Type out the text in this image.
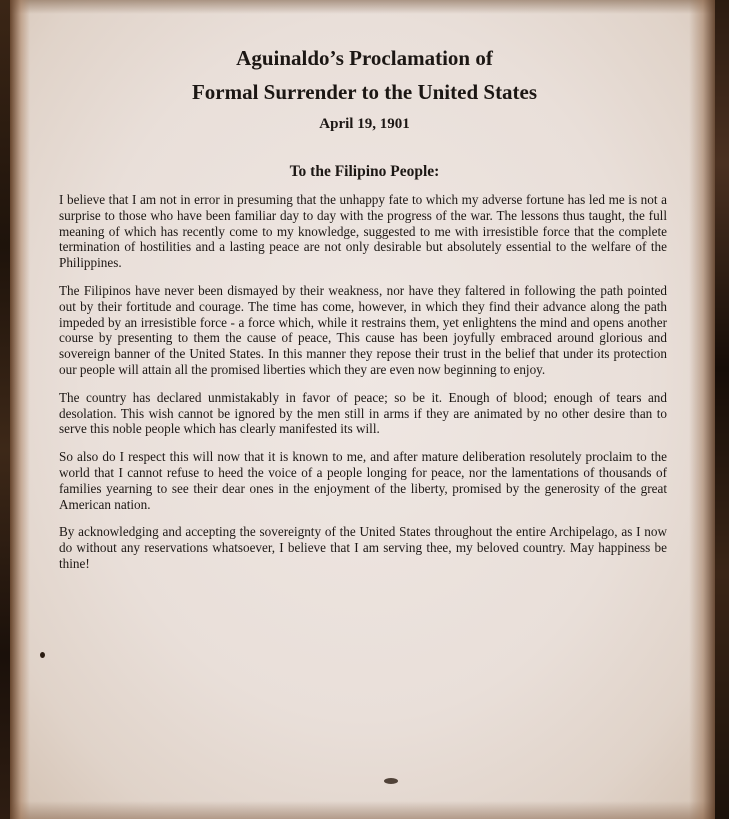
Aguinaldo’s Proclamation of
Formal Surrender to the United States
April 19, 1901
To the Filipino People:

I believe that I am not in error in presuming that the unhappy fate to which my adverse fortune has led me is not a surprise to those who have been familiar day to day with the progress of the war. The lessons thus taught, the full meaning of which has recently come to my knowledge, suggested to me with irresistible force that the complete termination of hostilities and a lasting peace are not only desirable but absolutely essential to the welfare of the Philippines.

The Filipinos have never been dismayed by their weakness, nor have they faltered in following the path pointed out by their fortitude and courage. The time has come, however, in which they find their advance along the path impeded by an irresistible force - a force which, while it restrains them, yet enlightens the mind and opens another course by presenting to them the cause of peace, This cause has been joyfully embraced around glorious and sovereign banner of the United States. In this manner they repose their trust in the belief that under its protection our people will attain all the promised liberties which they are even now beginning to enjoy.

The country has declared unmistakably in favor of peace; so be it. Enough of blood; enough of tears and desolation. This wish cannot be ignored by the men still in arms if they are animated by no other desire than to serve this noble people which has clearly manifested its will.

So also do I respect this will now that it is known to me, and after mature deliberation resolutely proclaim to the world that I cannot refuse to heed the voice of a people longing for peace, nor the lamentations of thousands of families yearning to see their dear ones in the enjoyment of the liberty, promised by the generosity of the great American nation.

By acknowledging and accepting the sovereignty of the United States throughout the entire Archipelago, as I now do without any reservations whatsoever, I believe that I am serving thee, my beloved country. May happiness be thine!
